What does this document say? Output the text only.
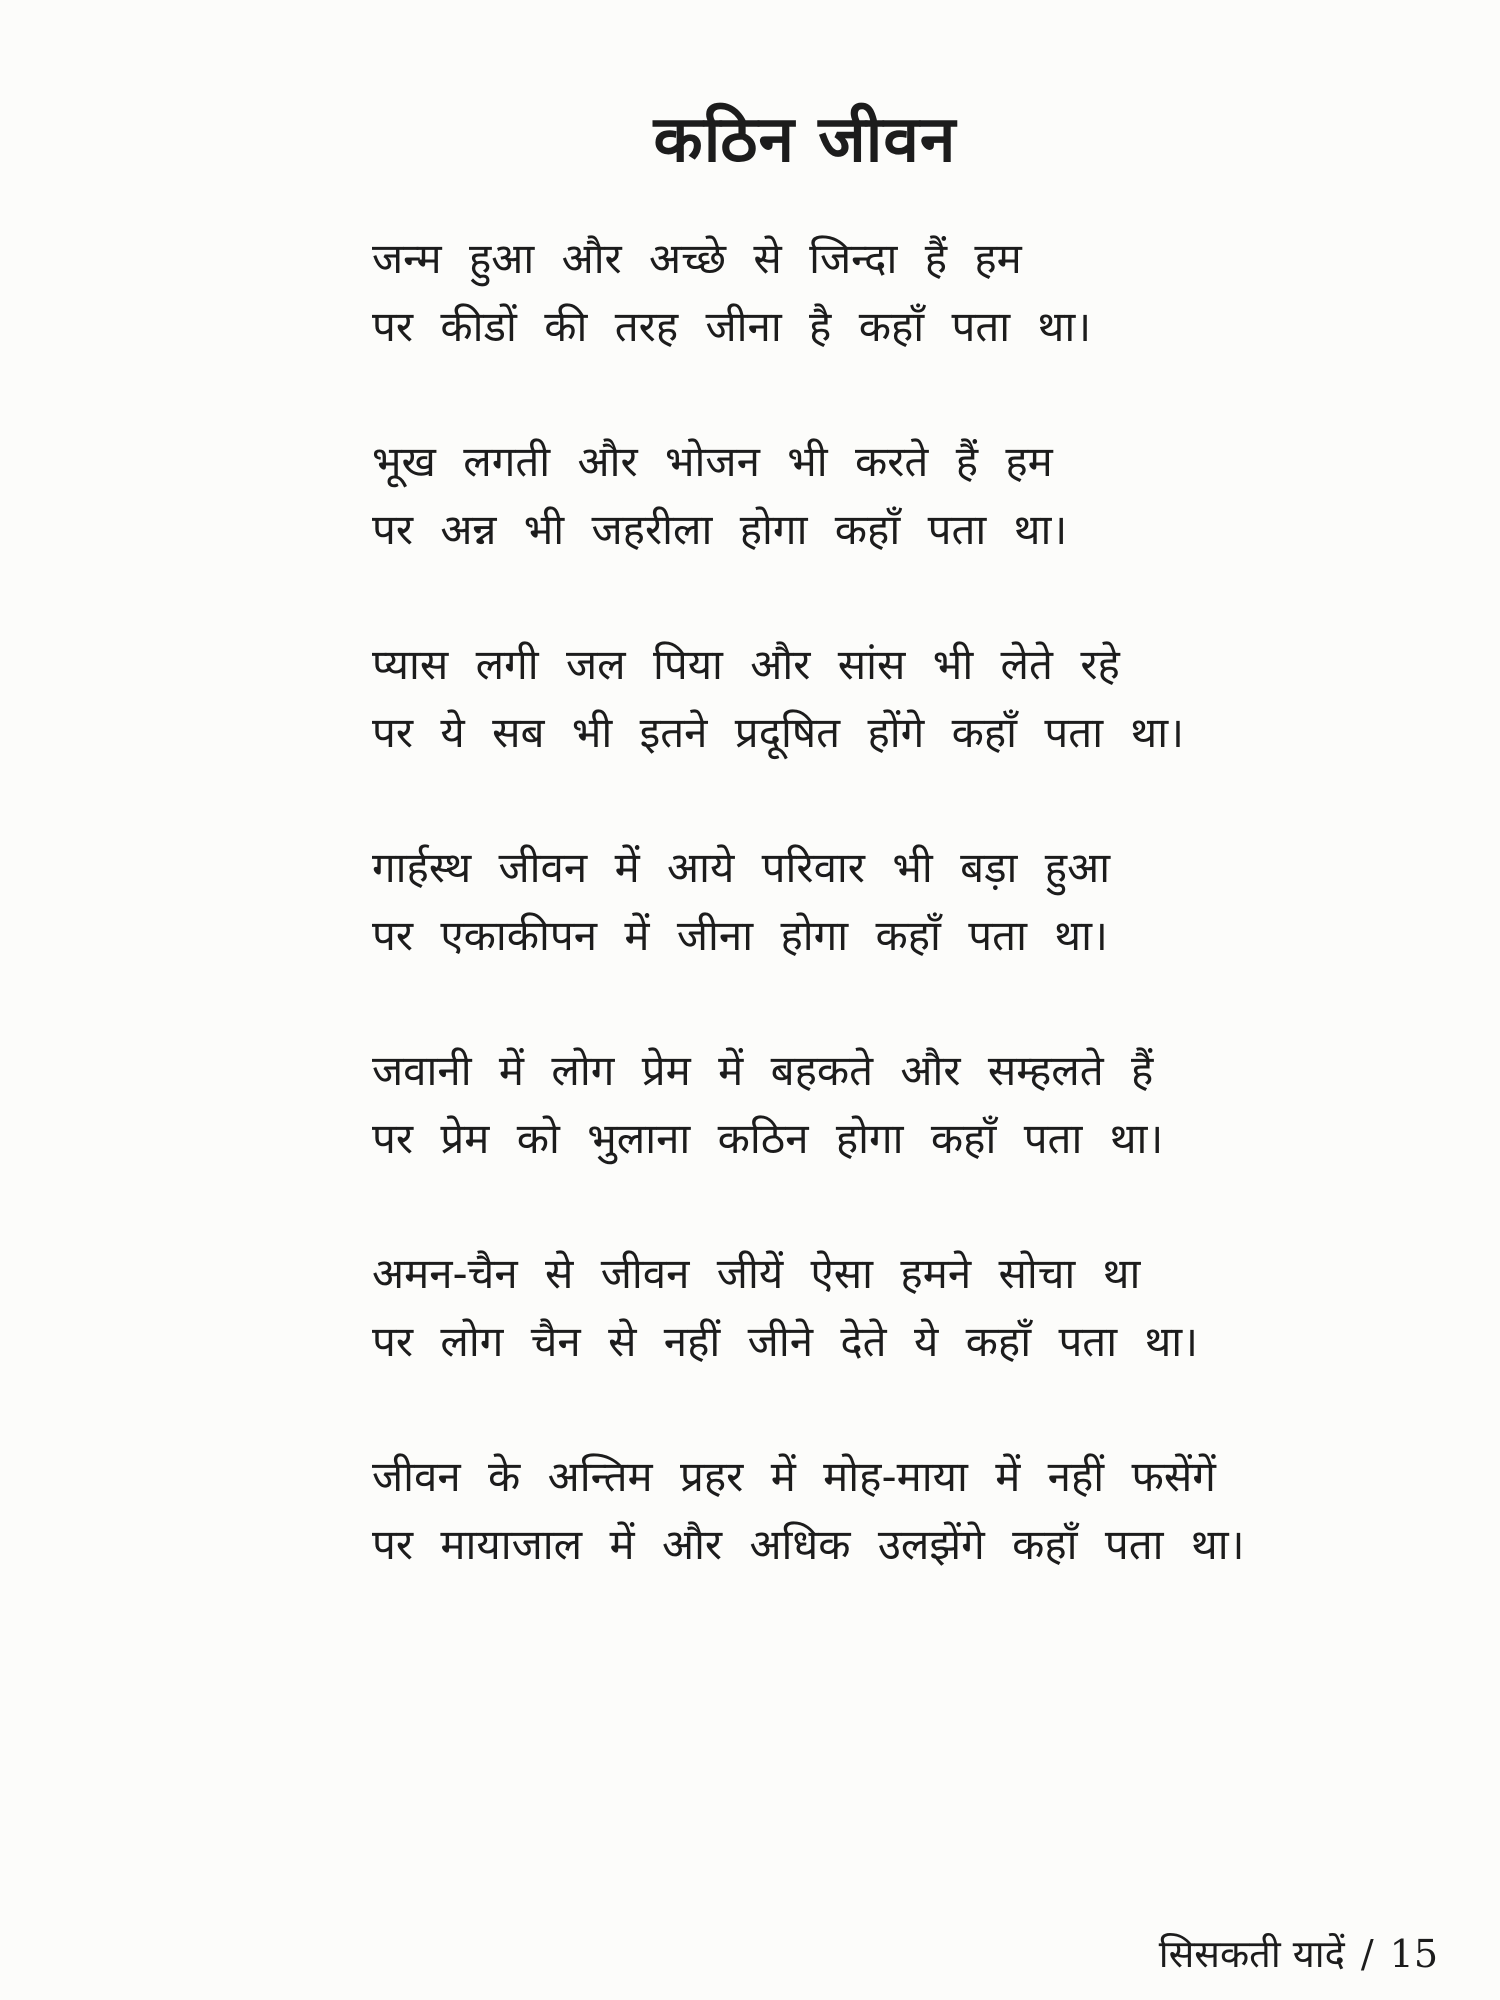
कठिन जीवन
जन्म हुआ और अच्छे से जिन्दा हैं हम
पर कीडों की तरह जीना है कहाँ पता था।
भूख लगती और भोजन भी करते हैं हम
पर अन्न भी जहरीला होगा कहाँ पता था।
प्यास लगी जल पिया और सांस भी लेते रहे
पर ये सब भी इतने प्रदूषित होंगे कहाँ पता था।
गार्हस्थ जीवन में आये परिवार भी बड़ा हुआ
पर एकाकीपन में जीना होगा कहाँ पता था।
जवानी में लोग प्रेम में बहकते और सम्हलते हैं
पर प्रेम को भुलाना कठिन होगा कहाँ पता था।
अमन-चैन से जीवन जीयें ऐसा हमने सोचा था
पर लोग चैन से नहीं जीने देते ये कहाँ पता था।
जीवन के अन्तिम प्रहर में मोह-माया में नहीं फसेंगें
पर मायाजाल में और अधिक उलझेंगे कहाँ पता था।
सिसकती यादें / 15
